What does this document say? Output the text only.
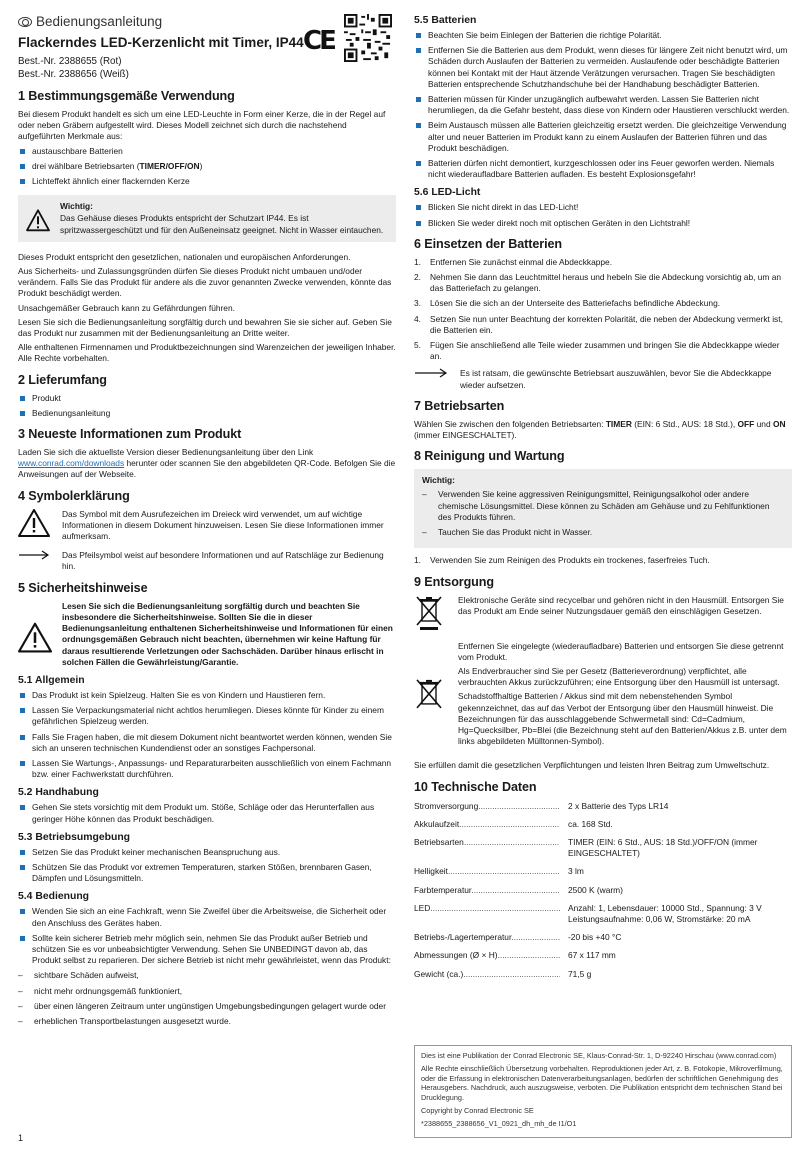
Bedienungsanleitung
Flackerndes LED-Kerzenlicht mit Timer, IP44
Best.-Nr. 2388655 (Rot)
Best.-Nr. 2388656 (Weiß)
CE
1 Bestimmungsgemäße Verwendung

Bei diesem Produkt handelt es sich um eine LED-Leuchte in Form einer Kerze, die in der Regel auf oder neben Gräbern aufgestellt wird. Dieses Modell zeichnet sich durch die nachstehend aufgeführten Merkmale aus:

austauschbare Batterien
drei wählbare Betriebsarten (TIMER/OFF/ON)
Lichteffekt ähnlich einer flackernden Kerze
Wichtig:
Das Gehäuse dieses Produkts entspricht der Schutzart IP44. Es ist spritzwassergeschützt und für den Außeneinsatz geeignet. Nicht in Wasser eintauchen.

Dieses Produkt entspricht den gesetzlichen, nationalen und europäischen Anforderungen.

Aus Sicherheits- und Zulassungsgründen dürfen Sie dieses Produkt nicht umbauen und/oder verändern. Falls Sie das Produkt für andere als die zuvor genannten Zwecke verwenden, könnte das Produkt beschädigt werden.

Unsachgemäßer Gebrauch kann zu Gefährdungen führen.

Lesen Sie sich die Bedienungsanleitung sorgfältig durch und bewahren Sie sie sicher auf. Geben Sie das Produkt nur zusammen mit der Bedienungsanleitung an Dritte weiter.

Alle enthaltenen Firmennamen und Produktbezeichnungen sind Warenzeichen der jeweiligen Inhaber. Alle Rechte vorbehalten.

2 Lieferumfang
Produkt
Bedienungsanleitung
3 Neueste Informationen zum Produkt

Laden Sie sich die aktuellste Version dieser Bedienungsanleitung über den Link www.conrad.com/downloads herunter oder scannen Sie den abgebildeten QR-Code. Befolgen Sie die Anweisungen auf der Webseite.

4 Symbolerklärung
Das Symbol mit dem Ausrufezeichen im Dreieck wird verwendet, um auf wichtige Informationen in diesem Dokument hinzuweisen. Lesen Sie diese Informationen immer aufmerksam.
Das Pfeilsymbol weist auf besondere Informationen und auf Ratschläge zur Bedienung hin.
5 Sicherheitshinweise
Lesen Sie sich die Bedienungsanleitung sorgfältig durch und beachten Sie insbesondere die Sicherheitshinweise. Sollten Sie die in dieser Bedienungsanleitung enthaltenen Sicherheitshinweise und Informationen für einen ordnungsgemäßen Gebrauch nicht beachten, übernehmen wir keine Haftung für daraus resultierende Verletzungen oder Sachschäden. Darüber hinaus erlischt in solchen Fällen die Gewährleistung/Garantie.
5.1 Allgemein
Das Produkt ist kein Spielzeug. Halten Sie es von Kindern und Haustieren fern.
Lassen Sie Verpackungsmaterial nicht achtlos herumliegen. Dieses könnte für Kinder zu einem gefährlichen Spielzeug werden.
Falls Sie Fragen haben, die mit diesem Dokument nicht beantwortet werden können, wenden Sie sich an unseren technischen Kundendienst oder an sonstiges Fachpersonal.
Lassen Sie Wartungs-, Anpassungs- und Reparaturarbeiten ausschließlich von einem Fachmann bzw. einer Fachwerkstatt durchführen.
5.2 Handhabung
Gehen Sie stets vorsichtig mit dem Produkt um. Stöße, Schläge oder das Herunterfallen aus geringer Höhe können das Produkt beschädigen.
5.3 Betriebsumgebung
Setzen Sie das Produkt keiner mechanischen Beanspruchung aus.
Schützen Sie das Produkt vor extremen Temperaturen, starken Stößen, brennbaren Gasen, Dämpfen und Lösungsmitteln.
5.4 Bedienung
Wenden Sie sich an eine Fachkraft, wenn Sie Zweifel über die Arbeitsweise, die Sicherheit oder den Anschluss des Gerätes haben.
Sollte kein sicherer Betrieb mehr möglich sein, nehmen Sie das Produkt außer Betrieb und schützen Sie es vor unbeabsichtigter Verwendung. Sehen Sie UNBEDINGT davon ab, das Produkt selbst zu reparieren. Der sichere Betrieb ist nicht mehr gewährleistet, wenn das Produkt:
– sichtbare Schäden aufweist,
– nicht mehr ordnungsgemäß funktioniert,
– über einen längeren Zeitraum unter ungünstigen Umgebungsbedingungen gelagert wurde oder
– erheblichen Transportbelastungen ausgesetzt wurde.
5.5 Batterien
Beachten Sie beim Einlegen der Batterien die richtige Polarität.
Entfernen Sie die Batterien aus dem Produkt, wenn dieses für längere Zeit nicht benutzt wird, um Schäden durch Auslaufen der Batterien zu vermeiden. Auslaufende oder beschädigte Batterien können bei Kontakt mit der Haut ätzende Verätzungen verursachen. Tragen Sie beschädigten Batterien entsprechende Schutzhandschuhe bei der Handhabung beschädigter Batterien.
Batterien müssen für Kinder unzugänglich aufbewahrt werden. Lassen Sie Batterien nicht herumliegen, da die Gefahr besteht, dass diese von Kindern oder Haustieren verschluckt werden.
Beim Austausch müssen alle Batterien gleichzeitig ersetzt werden. Die gleichzeitige Verwendung alter und neuer Batterien im Produkt kann zu einem Auslaufen der Batterien führen und das Produkt beschädigen.
Batterien dürfen nicht demontiert, kurzgeschlossen oder ins Feuer geworfen werden. Niemals nicht wiederaufladbare Batterien aufladen. Es besteht Explosionsgefahr!
5.6 LED-Licht
Blicken Sie nicht direkt in das LED-Licht!
Blicken Sie weder direkt noch mit optischen Geräten in den Lichtstrahl!
6 Einsetzen der Batterien
1. Entfernen Sie zunächst einmal die Abdeckkappe.
2. Nehmen Sie dann das Leuchtmittel heraus und hebeln Sie die Abdeckung vorsichtig ab, um an das Batteriefach zu gelangen.
3. Lösen Sie die sich an der Unterseite des Batteriefachs befindliche Abdeckung.
4. Setzen Sie nun unter Beachtung der korrekten Polarität, die neben der Abdeckung vermerkt ist, die Batterien ein.
5. Fügen Sie anschließend alle Teile wieder zusammen und bringen Sie die Abdeckkappe wieder an.
Es ist ratsam, die gewünschte Betriebsart auszuwählen, bevor Sie die Abdeckkappe wieder aufsetzen.
7 Betriebsarten

Wählen Sie zwischen den folgenden Betriebsarten: TIMER (EIN: 6 Std., AUS: 18 Std.), OFF und ON (immer EINGESCHALTET).

8 Reinigung und Wartung
Wichtig:
– Verwenden Sie keine aggressiven Reinigungsmittel, Reinigungsalkohol oder andere chemische Lösungsmittel. Diese können zu Schäden am Gehäuse und zu Fehlfunktionen des Produkts führen.
– Tauchen Sie das Produkt nicht in Wasser.
1. Verwenden Sie zum Reinigen des Produkts ein trockenes, faserfreies Tuch.
9 Entsorgung
Elektronische Geräte sind recycelbar und gehören nicht in den Hausmüll. Entsorgen Sie das Produkt am Ende seiner Nutzungsdauer gemäß den einschlägigen Gesetzen.

Entfernen Sie eingelegte (wiederaufladbare) Batterien und entsorgen Sie diese getrennt vom Produkt.

Als Endverbraucher sind Sie per Gesetz (Batterieverordnung) verpflichtet, alle verbrauchten Akkus zurückzuführen; eine Entsorgung über den Hausmüll ist untersagt.

Schadstoffhaltige Batterien / Akkus sind mit dem nebenstehenden Symbol gekennzeichnet, das auf das Verbot der Entsorgung über den Hausmüll hinweist. Die Bezeichnungen für das ausschlaggebende Schwermetall sind: Cd=Cadmium, Hg=Quecksilber, Pb=Blei (die Bezeichnung steht auf den Batterien/Akkus z.B. unter dem links abgebildeten Mülltonnen-Symbol).

Sie erfüllen damit die gesetzlichen Verpflichtungen und leisten Ihren Beitrag zum Umweltschutz.

10 Technische Daten
Stromversorgung .....	2 x Batterie des Typs LR14
Akkulaufzeit .....	ca. 168 Std.
Betriebsarten .....	TIMER (EIN: 6 Std., AUS: 18 Std.)/OFF/ON (immer EINGESCHALTET)
Helligkeit .....	3 lm
Farbtemperatur .....	2500 K (warm)
LED .....	Anzahl: 1, Lebensdauer: 10000 Std., Spannung: 3 V
Leistungsaufnahme: 0,06 W, Stromstärke: 20 mA
Betriebs-/Lagertemperatur .....	-20 bis +40 °C
Abmessungen (Ø × H) .....	67 x 117 mm
Gewicht (ca.) .....	71,5 g

Dies ist eine Publikation der Conrad Electronic SE, Klaus-Conrad-Str. 1, D-92240 Hirschau (www.conrad.com)

Alle Rechte einschließlich Übersetzung vorbehalten. Reproduktionen jeder Art, z. B. Fotokopie, Mikroverfilmung, oder die Erfassung in elektronischen Datenverarbeitungsanlagen, bedürfen der schriftlichen Genehmigung des Herausgebers. Nachdruck, auch auszugsweise, verboten. Die Publikation entspricht dem technischen Stand bei Drucklegung.

Copyright by Conrad Electronic SE

*2388655_2388656_V1_0921_dh_mh_de I1/O1

1
